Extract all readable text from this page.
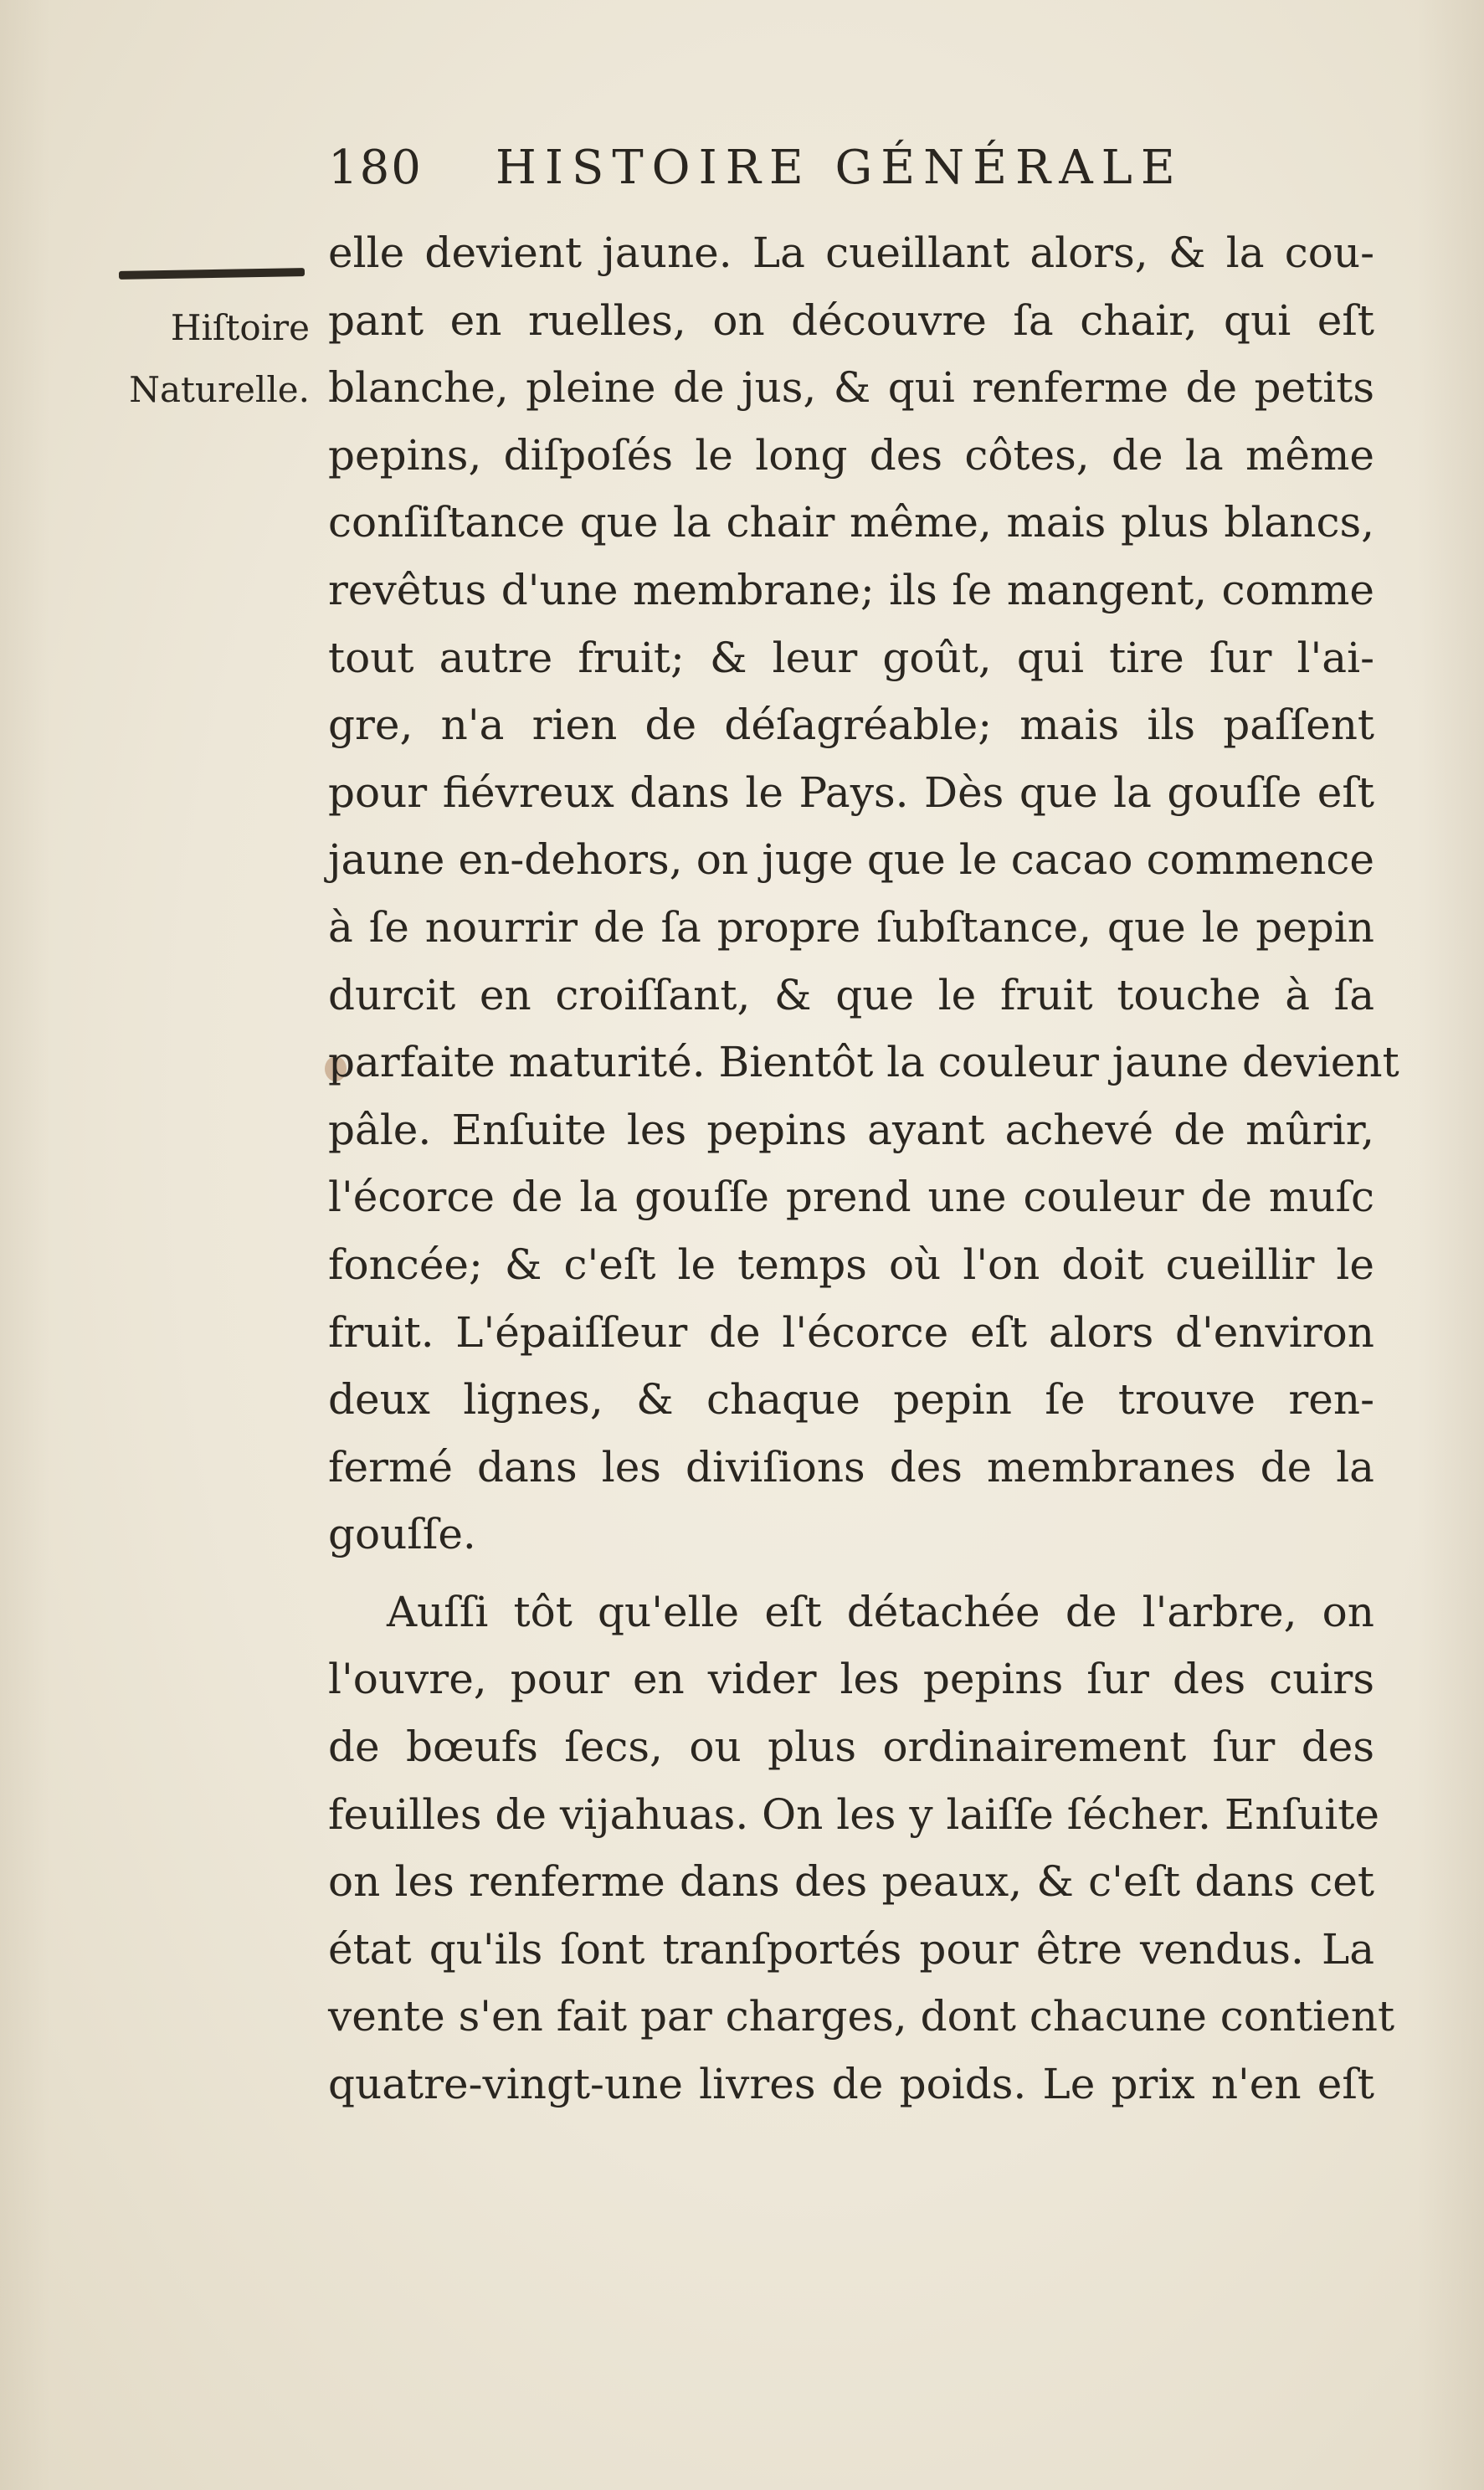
180 HISTOIRE GÉNÉRALE
Hiſtoire
Naturelle.
elle devient jaune. La cueillant alors, & la cou-
pant en ruelles, on découvre ſa chair, qui eſt
blanche, pleine de jus, & qui renferme de petits
pepins, diſpoſés le long des côtes, de la même
conſiſtance que la chair même, mais plus blancs,
revêtus d'une membrane; ils ſe mangent, comme
tout autre fruit; & leur goût, qui tire ſur l'ai-
gre, n'a rien de déſagréable; mais ils paſſent
pour fiévreux dans le Pays. Dès que la gouſſe eſt
jaune en-dehors, on juge que le cacao commence
à ſe nourrir de ſa propre ſubſtance, que le pepin
durcit en croiſſant, & que le fruit touche à ſa
parfaite maturité. Bientôt la couleur jaune devient
pâle. Enſuite les pepins ayant achevé de mûrir,
l'écorce de la gouſſe prend une couleur de muſc
foncée; & c'eſt le temps où l'on doit cueillir le
fruit. L'épaiſſeur de l'écorce eſt alors d'environ
deux lignes, & chaque pepin ſe trouve ren-
fermé dans les diviſions des membranes de la
gouſſe.
Auſſi tôt qu'elle eſt détachée de l'arbre, on
l'ouvre, pour en vider les pepins ſur des cuirs
de bœufs ſecs, ou plus ordinairement ſur des
feuilles de vijahuas. On les y laiſſe ſécher. Enſuite
on les renferme dans des peaux, & c'eſt dans cet
état qu'ils ſont tranſportés pour être vendus. La
vente s'en fait par charges, dont chacune contient
quatre-vingt-une livres de poids. Le prix n'en eſt
